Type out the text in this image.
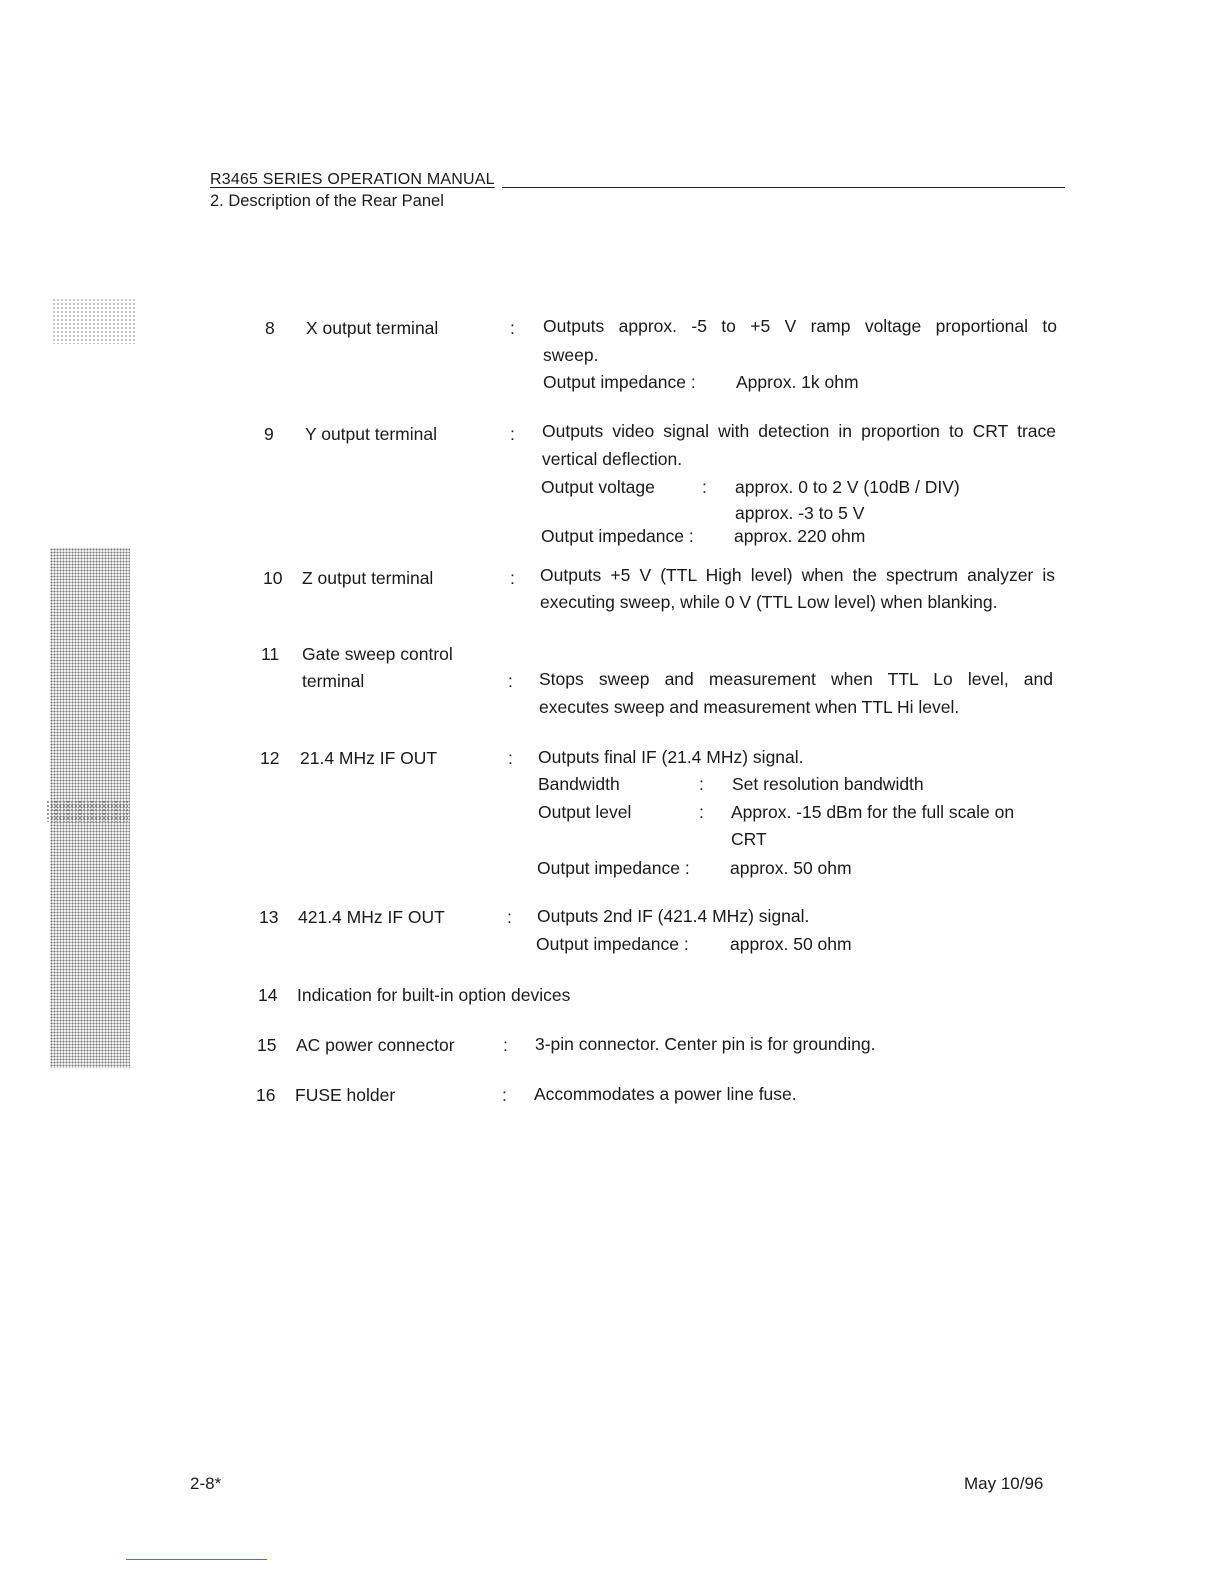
R3465 SERIES OPERATION MANUAL
2. Description of the Rear Panel
8 X output terminal	: Outputs approx. -5 to +5 V ramp voltage proportional to
sweep.
Output impedance : Approx. 1k ohm
9 Y output terminal	: Outputs video signal with detection in proportion to CRT trace
vertical deflection.
Output voltage	: approx. 0 to 2 V (10dB / DIV)
approx. -3 to 5 V
Output impedance : approx. 220 ohm
10 Z output terminal	: Outputs +5 V (TTL High level) when the spectrum analyzer is
executing sweep, while 0 V (TTL Low level) when blanking.
11 Gate sweep control
terminal	: Stops sweep and measurement when TTL Lo level, and
executes sweep and measurement when TTL Hi level.
12 21.4 MHz IF OUT	: Outputs final IF (21.4 MHz) signal.
Bandwidth	: Set resolution bandwidth
Output level	: Approx. -15 dBm for the full scale on
CRT
Output impedance : approx. 50 ohm
13 421.4 MHz IF OUT	: Outputs 2nd IF (421.4 MHz) signal.
Output impedance : approx. 50 ohm
14 Indication for built-in option devices
15 AC power connector	: 3-pin connector. Center pin is for grounding.
16 FUSE holder	: Accommodates a power line fuse.
2-8*	May 10/96
